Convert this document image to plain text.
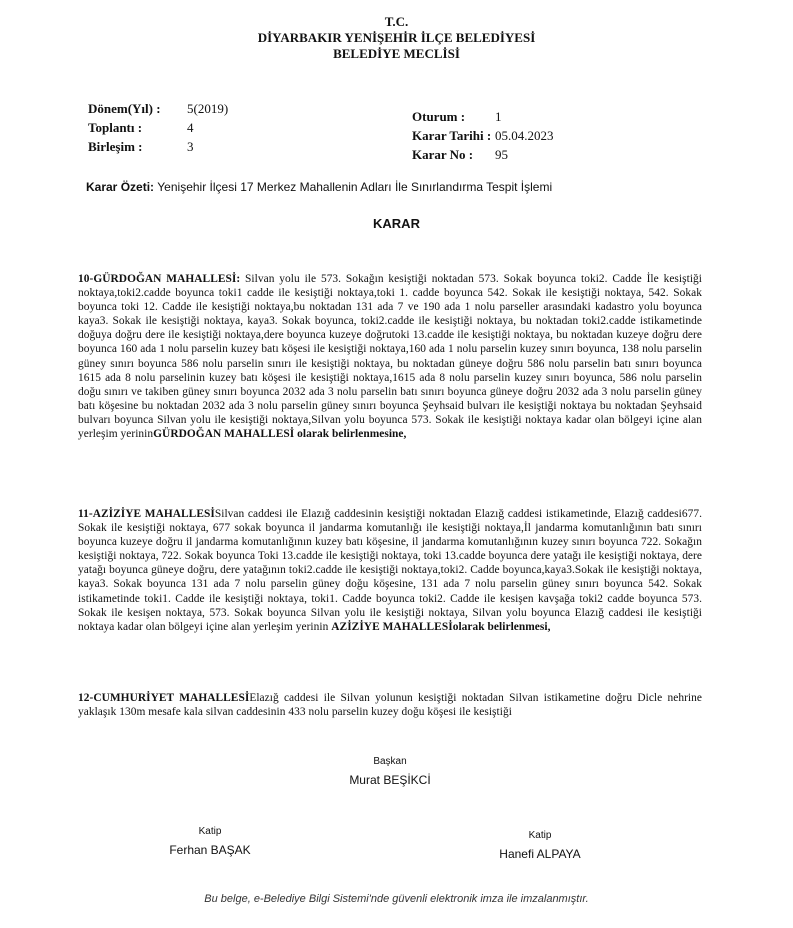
T.C.
DİYARBAKIR YENİŞEHİR İLÇE BELEDİYESİ
BELEDİYE MECLİSİ
Dönem(Yıl) : 5(2019)
Toplantı :	4
Birleşim :	3
Oturum : 1
Karar Tarihi : 05.04.2023
Karar No : 95
Karar Özeti: Yenişehir İlçesi 17 Merkez Mahallenin Adları İle Sınırlandırma Tespit İşlemi
KARAR
10-GÜRDOĞAN MAHALLESİ: Silvan yolu ile 573. Sokağın kesiştiği noktadan 573. Sokak boyunca toki2. Cadde İle kesiştiği noktaya,toki2.cadde boyunca toki1 cadde ile kesiştiği noktaya,toki 1. cadde boyunca 542. Sokak ile kesiştiği noktaya, 542. Sokak boyunca toki 12. Cadde ile kesiştiği noktaya,bu noktadan 131 ada 7 ve 190 ada 1 nolu parseller arasındaki kadastro yolu boyunca kaya3. Sokak ile kesiştiği noktaya, kaya3. Sokak boyunca, toki2.cadde ile kesiştiği noktaya, bu noktadan toki2.cadde istikametinde doğuya doğru dere ile kesiştiği noktaya,dere boyunca kuzeye doğrutoki 13.cadde ile kesiştiği noktaya, bu noktadan kuzeye doğru dere boyunca 160 ada 1 nolu parselin kuzey batı köşesi ile kesiştiği noktaya,160 ada 1 nolu parselin kuzey sınırı boyunca, 138 nolu parselin güney sınırı boyunca 586 nolu parselin sınırı ile kesiştiği noktaya, bu noktadan güneye doğru 586 nolu parselin batı sınırı boyunca 1615 ada 8 nolu parselinin kuzey batı köşesi ile kesiştiği noktaya,1615 ada 8 nolu parselin kuzey sınırı boyunca, 586 nolu parselin doğu sınırı ve takiben güney sınırı boyunca 2032 ada 3 nolu parselin batı sınırı boyunca güneye doğru 2032 ada 3 nolu parselin güney batı köşesine bu noktadan 2032 ada 3 nolu parselin güney sınırı boyunca Şeyhsaid bulvarı ile kesiştiği noktaya bu noktadan Şeyhsaid bulvarı boyunca Silvan yolu ile kesiştiği noktaya,Silvan yolu boyunca 573. Sokak ile kesiştiği noktaya kadar olan bölgeyi içine alan yerleşim yerininGÜRDOĞAN MAHALLESİ olarak belirlenmesine,
11-AZİZİYE MAHALLESİSilvan caddesi ile Elazığ caddesinin kesiştiği noktadan Elazığ caddesi istikametinde, Elazığ caddesi677. Sokak ile kesiştiği noktaya, 677 sokak boyunca il jandarma komutanlığı ile kesiştiği noktaya,İl jandarma komutanlığının batı sınırı boyunca kuzeye doğru il jandarma komutanlığının kuzey batı köşesine, il jandarma komutanlığının kuzey sınırı boyunca 722. Sokağın kesiştiği noktaya, 722. Sokak boyunca Toki 13.cadde ile kesiştiği noktaya, toki 13.cadde boyunca dere yatağı ile kesiştiği noktaya, dere yatağı boyunca güneye doğru, dere yatağının toki2.cadde ile kesiştiği noktaya,toki2. Cadde boyunca,kaya3.Sokak ile kesiştiği noktaya, kaya3. Sokak boyunca 131 ada 7 nolu parselin güney doğu köşesine, 131 ada 7 nolu parselin güney sınırı boyunca 542. Sokak istikametinde toki1. Cadde ile kesiştiği noktaya, toki1. Cadde boyunca toki2. Cadde ile kesişen kavşağa toki2 cadde boyunca 573. Sokak ile kesişen noktaya, 573. Sokak boyunca Silvan yolu ile kesiştiği noktaya, Silvan yolu boyunca Elazığ caddesi ile kesiştiği noktaya kadar olan bölgeyi içine alan yerleşim yerinin AZİZİYE MAHALLESİolarak belirlenmesi,
12-CUMHURİYET MAHALLESİElazığ caddesi ile Silvan yolunun kesiştiği noktadan Silvan istikametine doğru Dicle nehrine yaklaşık 130m mesafe kala silvan caddesinin 433 nolu parselin kuzey doğu köşesi ile kesiştiği
Başkan
Murat BEŞİKCİ
Katip
Ferhan BAŞAK
Katip
Hanefi ALPAYA
Bu belge, e-Belediye Bilgi Sistemi'nde güvenli elektronik imza ile imzalanmıştır.
